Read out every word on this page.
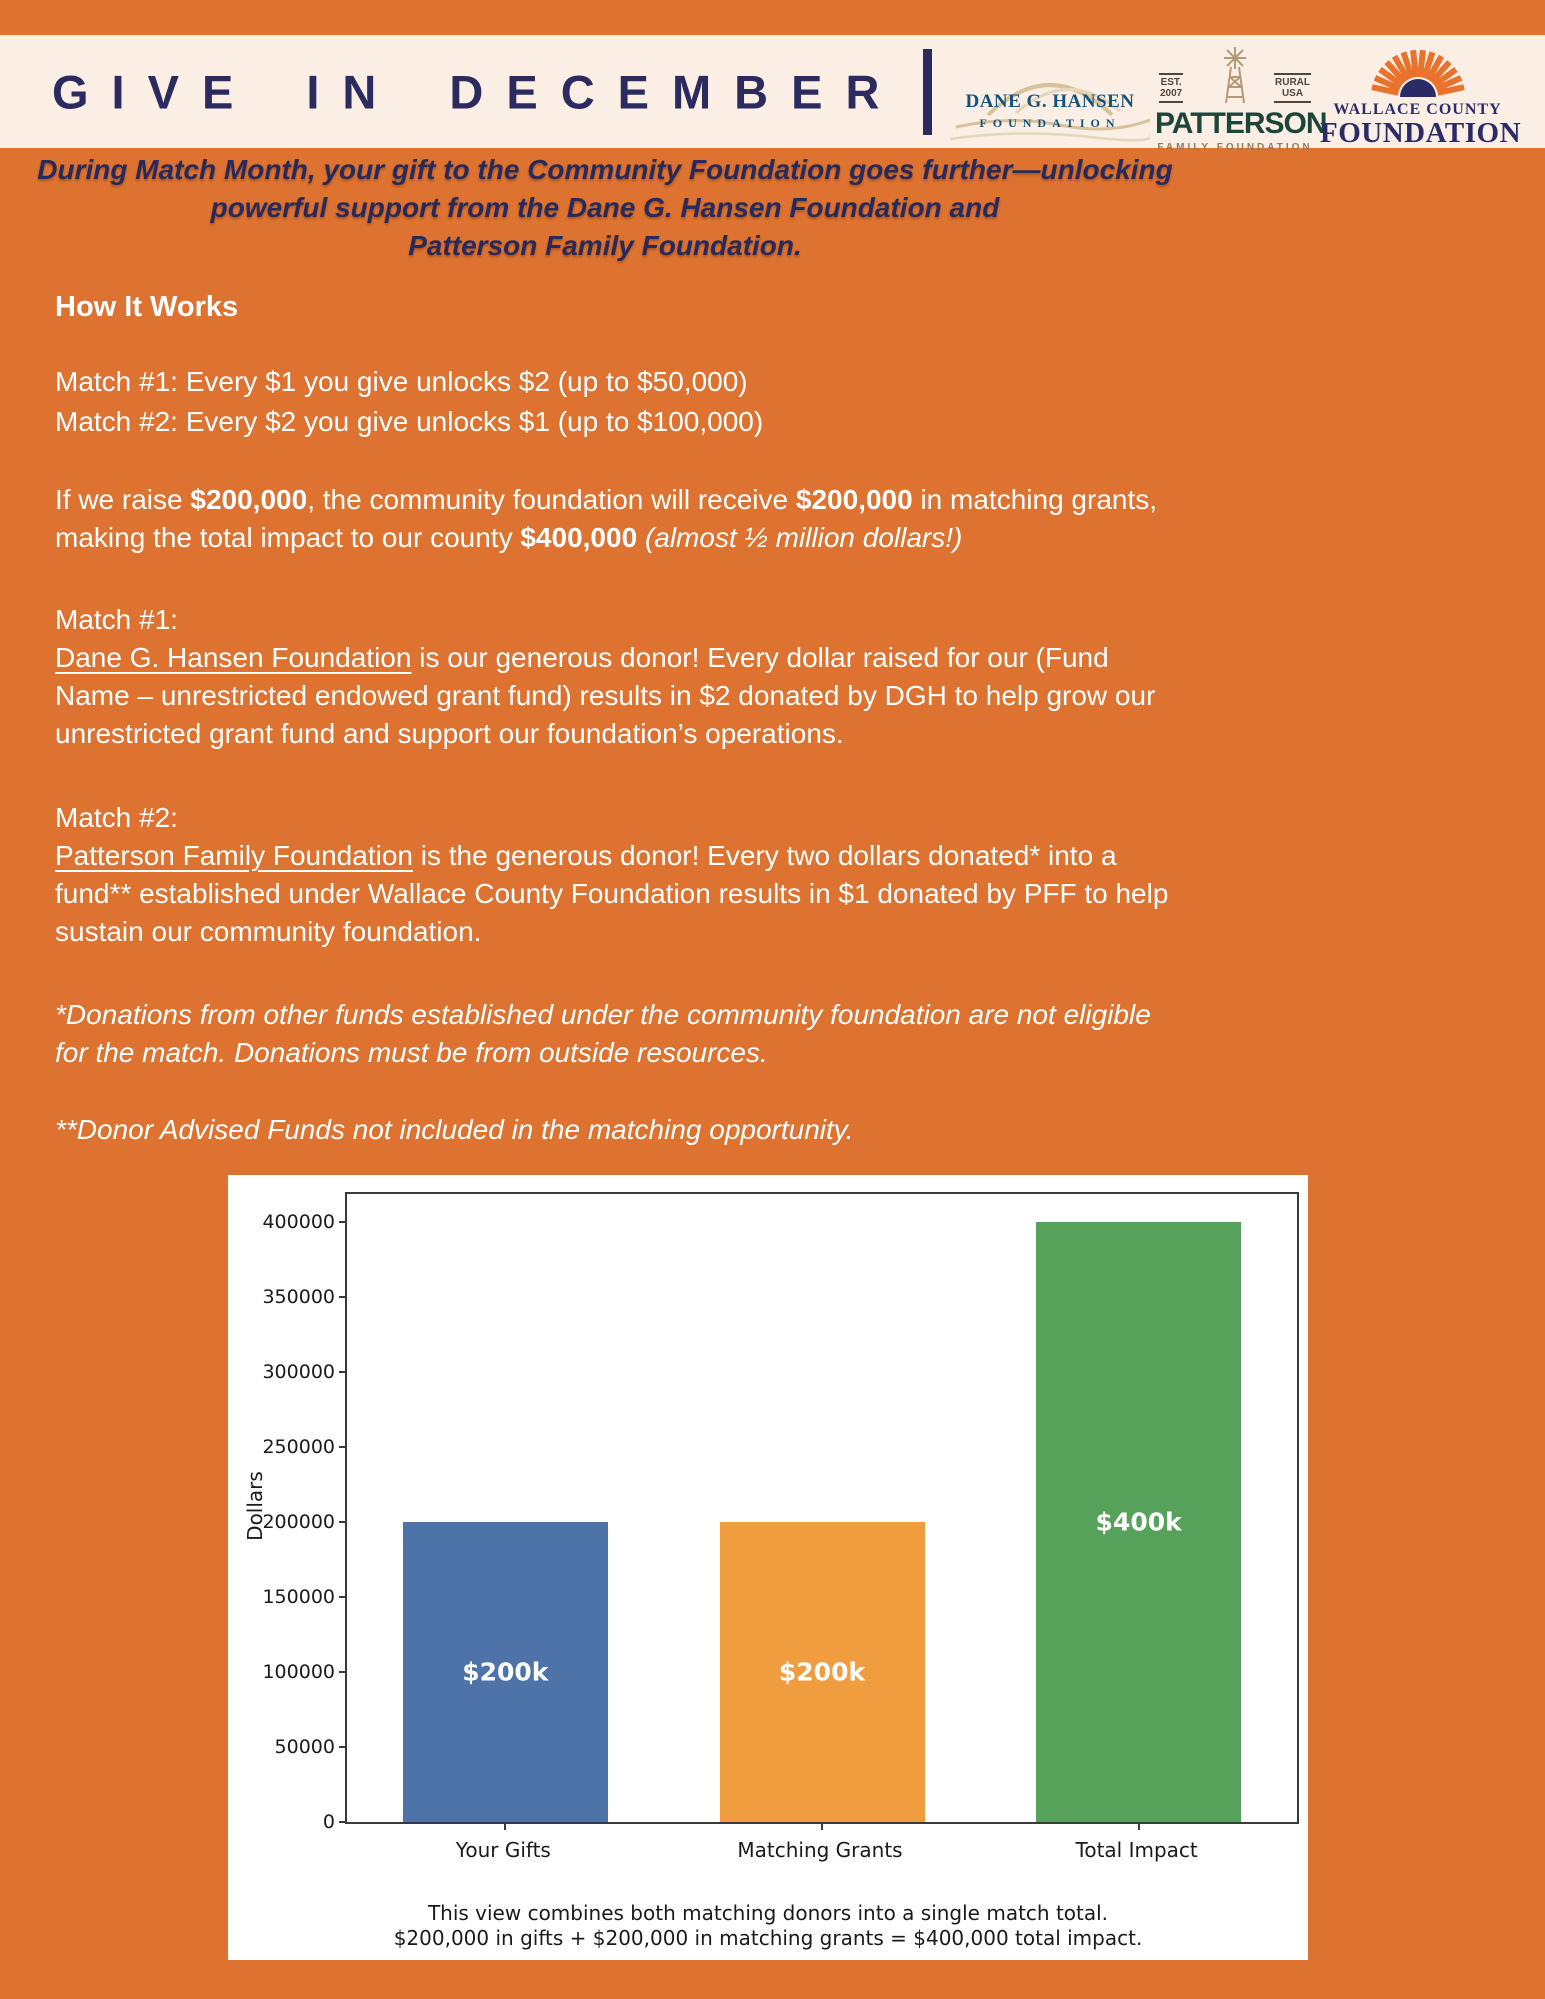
GIVE IN DECEMBER	DANE G. HANSEN
FOUNDATION
EST.
2007
RURAL
USA
PATTERSON
FAMILY FOUNDATION
WALLACE COUNTY
FOUNDATION
During Match Month, your gift to the Community Foundation goes further—unlocking
powerful support from the Dane G. Hansen Foundation and
Patterson Family Foundation.
How It Works
Match #1: Every $1 you give unlocks $2 (up to $50,000)
Match #2: Every $2 you give unlocks $1 (up to $100,000)
If we raise $200,000, the community foundation will receive $200,000 in matching grants, making the total impact to our county $400,000 (almost ½ million dollars!)
Match #1:
Dane G. Hansen Foundation is our generous donor! Every dollar raised for our (Fund Name – unrestricted endowed grant fund) results in $2 donated by DGH to help grow our unrestricted grant fund and support our foundation’s operations.
Match #2:
Patterson Family Foundation is the generous donor! Every two dollars donated* into a fund** established under Wallace County Foundation results in $1 donated by PFF to help sustain our community foundation.
*Donations from other funds established under the community foundation are not eligible for the match. Donations must be from outside resources.
**Donor Advised Funds not included in the matching opportunity.
Dollars
0
50000
100000
150000
200000
250000
300000
350000
400000
$200k	$200k
$400k
This view combines both matching donors into a single match total.
$200,000 in gifts + $200,000 in matching grants = $400,000 total impact.
Your Gifts	Matching Grants	Total Impact
